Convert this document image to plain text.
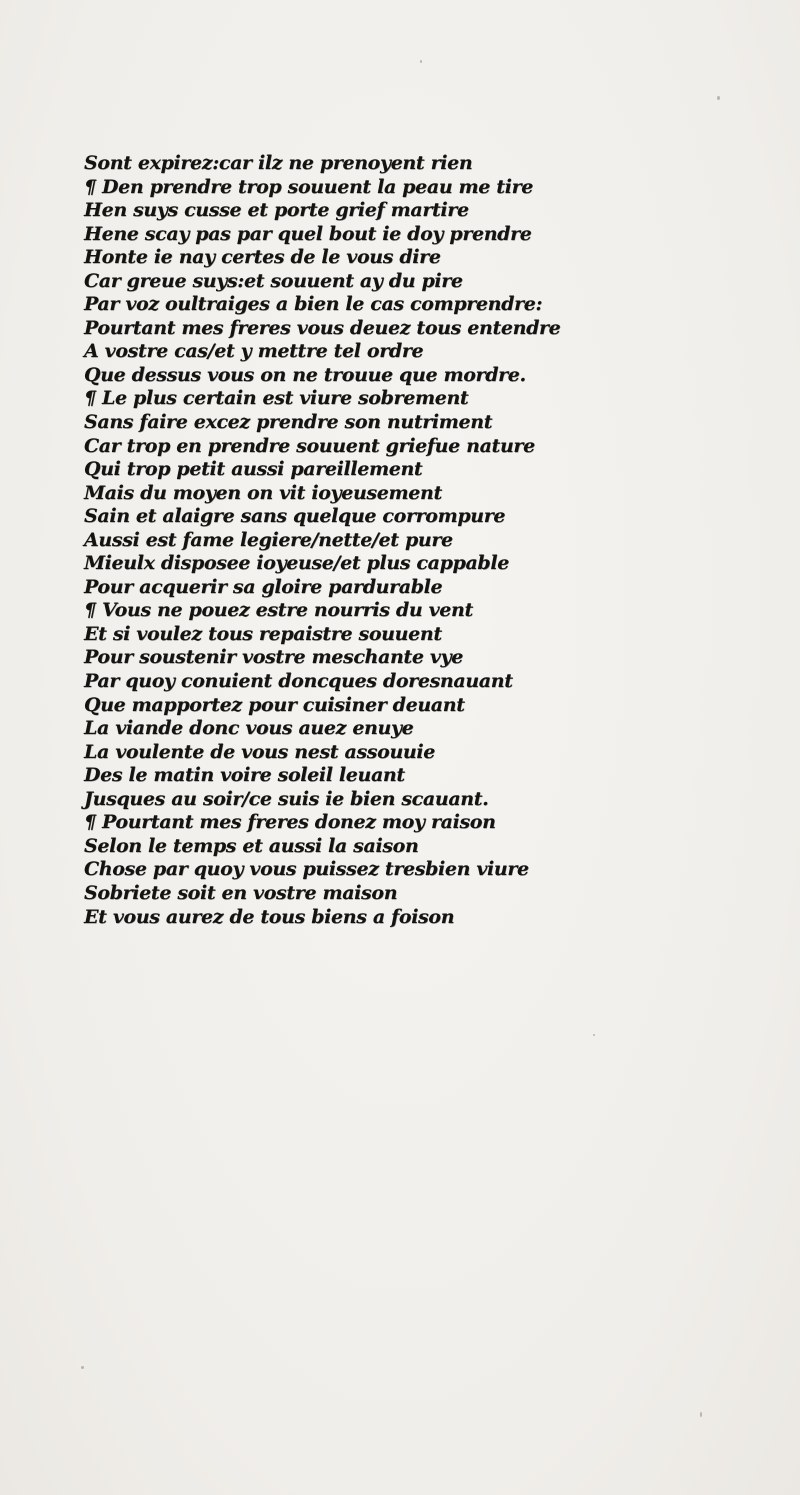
Sont expirez:car ilz ne prenoyent rien
¶ Den prendre trop souuent la peau me tire
Hen suys cusse et porte grief martire
Hene scay pas par quel bout ie doy prendre
Honte ie nay certes de le vous dire
Car greue suys:et souuent ay du pire
Par voz oultraiges a bien le cas comprendre:
Pourtant mes freres vous deuez tous entendre
A vostre cas/et y mettre tel ordre
Que dessus vous on ne trouue que mordre.
¶ Le plus certain est viure sobrement
Sans faire excez prendre son nutriment
Car trop en prendre souuent griefue nature
Qui trop petit aussi pareillement
Mais du moyen on vit ioyeusement
Sain et alaigre sans quelque corrompure
Aussi est fame legiere/nette/et pure
Mieulx disposee ioyeuse/et plus cappable
Pour acquerir sa gloire pardurable
¶ Vous ne pouez estre nourris du vent
Et si voulez tous repaistre souuent
Pour soustenir vostre meschante vye
Par quoy conuient doncques doresnauant
Que mapportez pour cuisiner deuant
La viande donc vous auez enuye
La voulente de vous nest assouuie
Des le matin voire soleil leuant
Jusques au soir/ce suis ie bien scauant.
¶ Pourtant mes freres donez moy raison
Selon le temps et aussi la saison
Chose par quoy vous puissez tresbien viure
Sobriete soit en vostre maison
Et vous aurez de tous biens a foison
